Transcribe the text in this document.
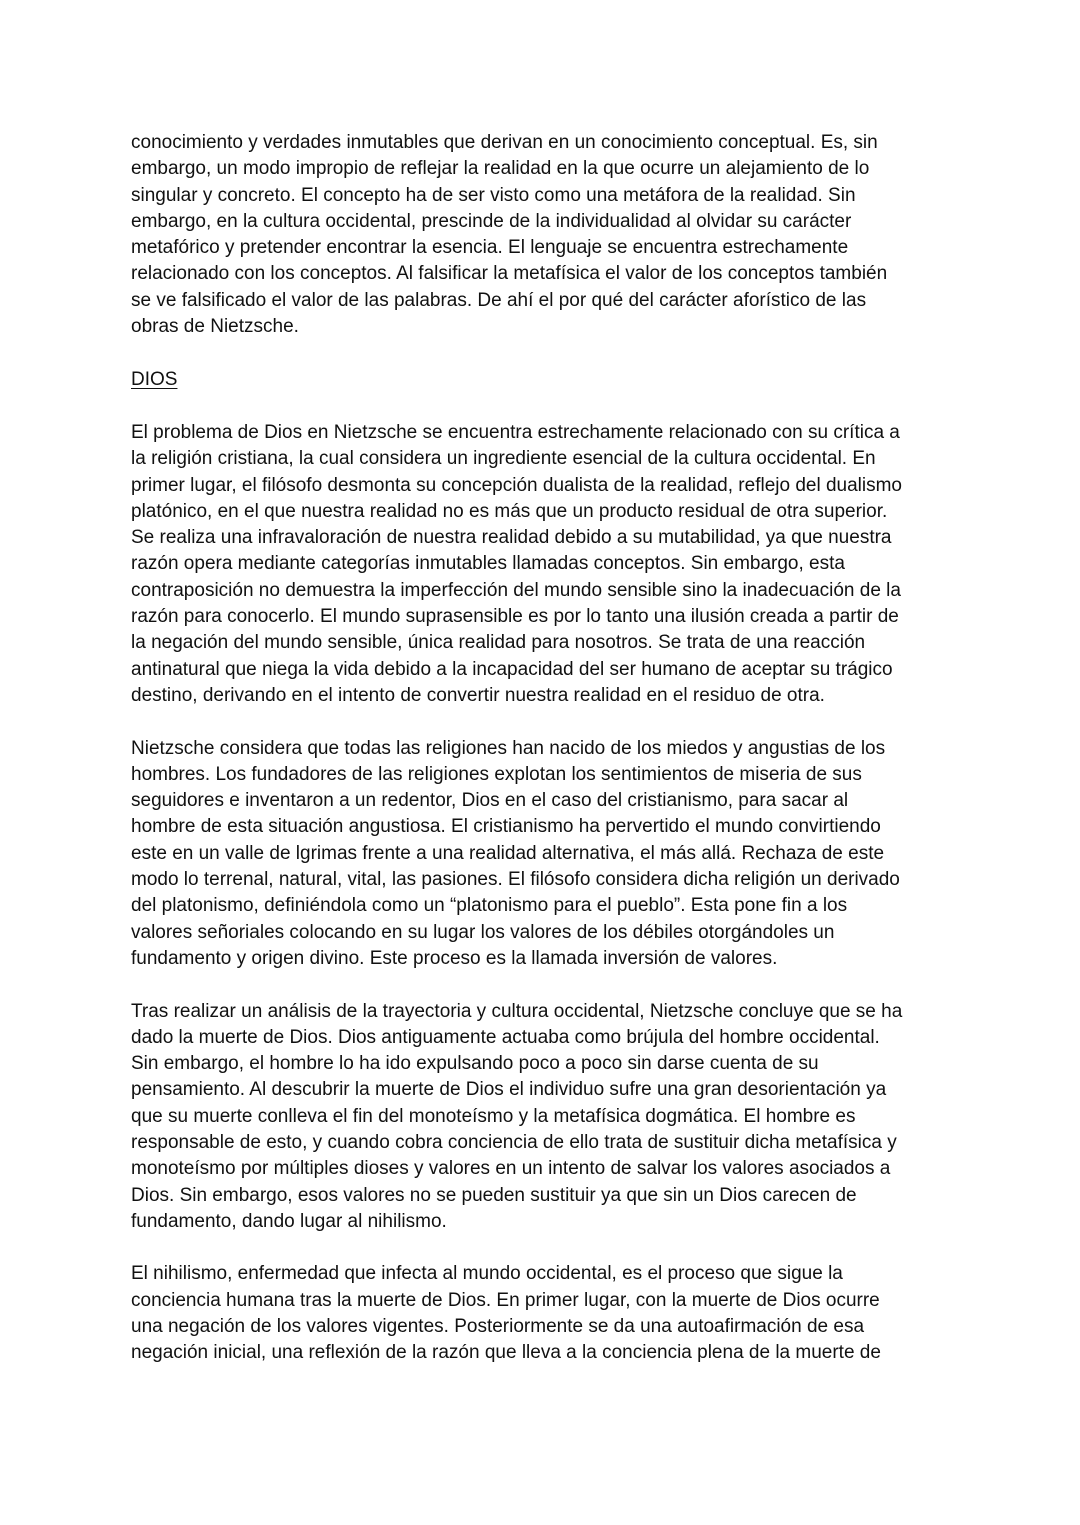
conocimiento y verdades inmutables que derivan en un conocimiento conceptual. Es, sin
embargo, un modo impropio de reflejar la realidad en la que ocurre un alejamiento de lo
singular y concreto. El concepto ha de ser visto como una metáfora de la realidad. Sin
embargo, en la cultura occidental, prescinde de la individualidad al olvidar su carácter
metafórico y pretender encontrar la esencia. El lenguaje se encuentra estrechamente
relacionado con los conceptos. Al falsificar la metafísica el valor de los conceptos también
se ve falsificado el valor de las palabras. De ahí el por qué del carácter aforístico de las
obras de Nietzsche.

DIOS

El problema de Dios en Nietzsche se encuentra estrechamente relacionado con su crítica a
la religión cristiana, la cual considera un ingrediente esencial de la cultura occidental. En
primer lugar, el filósofo desmonta su concepción dualista de la realidad, reflejo del dualismo
platónico, en el que nuestra realidad no es más que un producto residual de otra superior.
Se realiza una infravaloración de nuestra realidad debido a su mutabilidad, ya que nuestra
razón opera mediante categorías inmutables llamadas conceptos. Sin embargo, esta
contraposición no demuestra la imperfección del mundo sensible sino la inadecuación de la
razón para conocerlo. El mundo suprasensible es por lo tanto una ilusión creada a partir de
la negación del mundo sensible, única realidad para nosotros. Se trata de una reacción
antinatural que niega la vida debido a la incapacidad del ser humano de aceptar su trágico
destino, derivando en el intento de convertir nuestra realidad en el residuo de otra.

Nietzsche considera que todas las religiones han nacido de los miedos y angustias de los
hombres. Los fundadores de las religiones explotan los sentimientos de miseria de sus
seguidores e inventaron a un redentor, Dios en el caso del cristianismo, para sacar al
hombre de esta situación angustiosa. El cristianismo ha pervertido el mundo convirtiendo
este en un valle de lgrimas frente a una realidad alternativa, el más allá. Rechaza de este
modo lo terrenal, natural, vital, las pasiones. El filósofo considera dicha religión un derivado
del platonismo, definiéndola como un “platonismo para el pueblo”. Esta pone fin a los
valores señoriales colocando en su lugar los valores de los débiles otorgándoles un
fundamento y origen divino. Este proceso es la llamada inversión de valores.

Tras realizar un análisis de la trayectoria y cultura occidental, Nietzsche concluye que se ha
dado la muerte de Dios. Dios antiguamente actuaba como brújula del hombre occidental.
Sin embargo, el hombre lo ha ido expulsando poco a poco sin darse cuenta de su
pensamiento. Al descubrir la muerte de Dios el individuo sufre una gran desorientación ya
que su muerte conlleva el fin del monoteísmo y la metafísica dogmática. El hombre es
responsable de esto, y cuando cobra conciencia de ello trata de sustituir dicha metafísica y
monoteísmo por múltiples dioses y valores en un intento de salvar los valores asociados a
Dios. Sin embargo, esos valores no se pueden sustituir ya que sin un Dios carecen de
fundamento, dando lugar al nihilismo.

El nihilismo, enfermedad que infecta al mundo occidental, es el proceso que sigue la
conciencia humana tras la muerte de Dios. En primer lugar, con la muerte de Dios ocurre
una negación de los valores vigentes. Posteriormente se da una autoafirmación de esa
negación inicial, una reflexión de la razón que lleva a la conciencia plena de la muerte de
